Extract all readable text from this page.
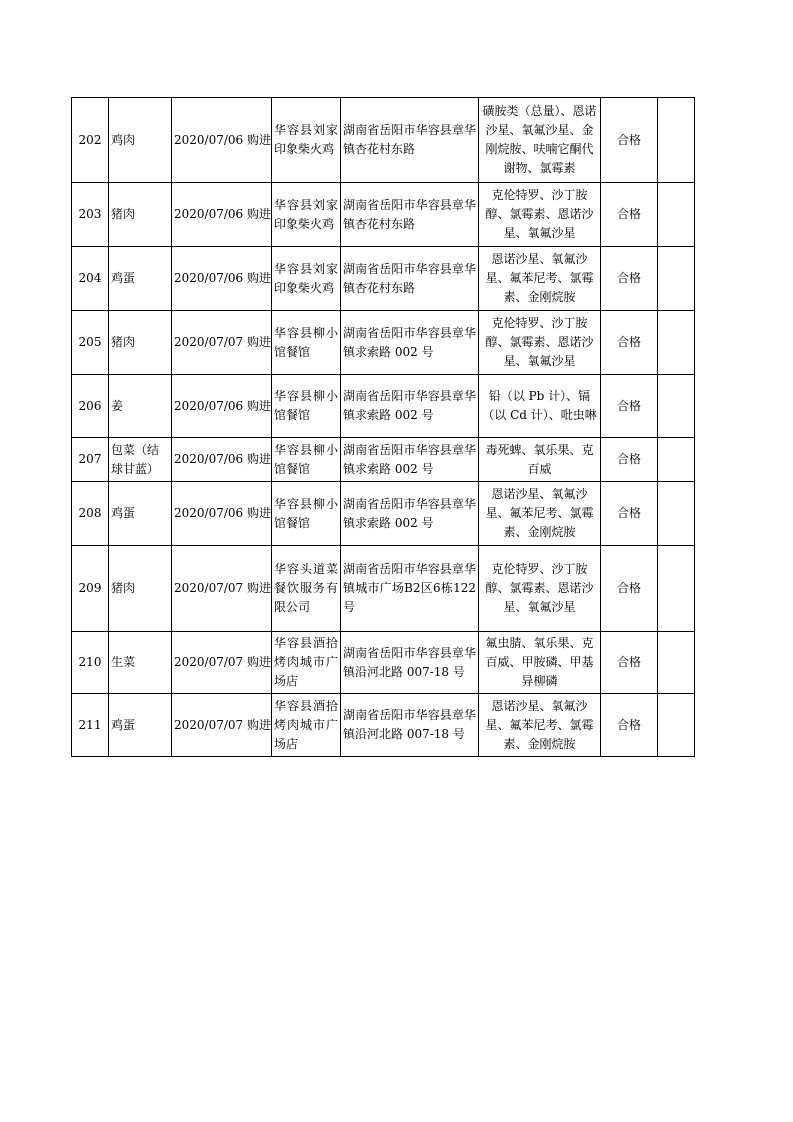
202	鸡肉	2020/07/06 购进	华容县刘家印象柴火鸡	湖南省岳阳市华容县章华镇杏花村东路	磺胺类（总量）、恩诺沙星、氧氟沙星、金刚烷胺、呋喃它酮代谢物、氯霉素	合格	
203	猪肉	2020/07/06 购进	华容县刘家印象柴火鸡	湖南省岳阳市华容县章华镇杏花村东路	克伦特罗、沙丁胺醇、氯霉素、恩诺沙星、氧氟沙星	合格	
204	鸡蛋	2020/07/06 购进	华容县刘家印象柴火鸡	湖南省岳阳市华容县章华镇杏花村东路	恩诺沙星、氧氟沙星、氟苯尼考、氯霉素、金刚烷胺	合格	
205	猪肉	2020/07/07 购进	华容县柳小馆餐馆	湖南省岳阳市华容县章华镇求索路 002 号	克伦特罗、沙丁胺醇、氯霉素、恩诺沙星、氧氟沙星	合格	
206	姜	2020/07/06 购进	华容县柳小馆餐馆	湖南省岳阳市华容县章华镇求索路 002 号	铅（以 Pb 计）、镉（以 Cd 计）、吡虫啉	合格	
207	包菜（结球甘蓝）	2020/07/06 购进	华容县柳小馆餐馆	湖南省岳阳市华容县章华镇求索路 002 号	毒死蜱、氧乐果、克百威	合格	
208	鸡蛋	2020/07/06 购进	华容县柳小馆餐馆	湖南省岳阳市华容县章华镇求索路 002 号	恩诺沙星、氧氟沙星、氟苯尼考、氯霉素、金刚烷胺	合格	
209	猪肉	2020/07/07 购进	华容头道菜餐饮服务有限公司	湖南省岳阳市华容县章华镇城市广场B2区6栋122号	克伦特罗、沙丁胺醇、氯霉素、恩诺沙星、氧氟沙星	合格	
210	生菜	2020/07/07 购进	华容县酒拾烤肉城市广场店	湖南省岳阳市华容县章华镇沿河北路 007-18 号	氟虫腈、氧乐果、克百威、甲胺磷、甲基异柳磷	合格	
211	鸡蛋	2020/07/07 购进	华容县酒拾烤肉城市广场店	湖南省岳阳市华容县章华镇沿河北路 007-18 号	恩诺沙星、氧氟沙星、氟苯尼考、氯霉素、金刚烷胺	合格	
